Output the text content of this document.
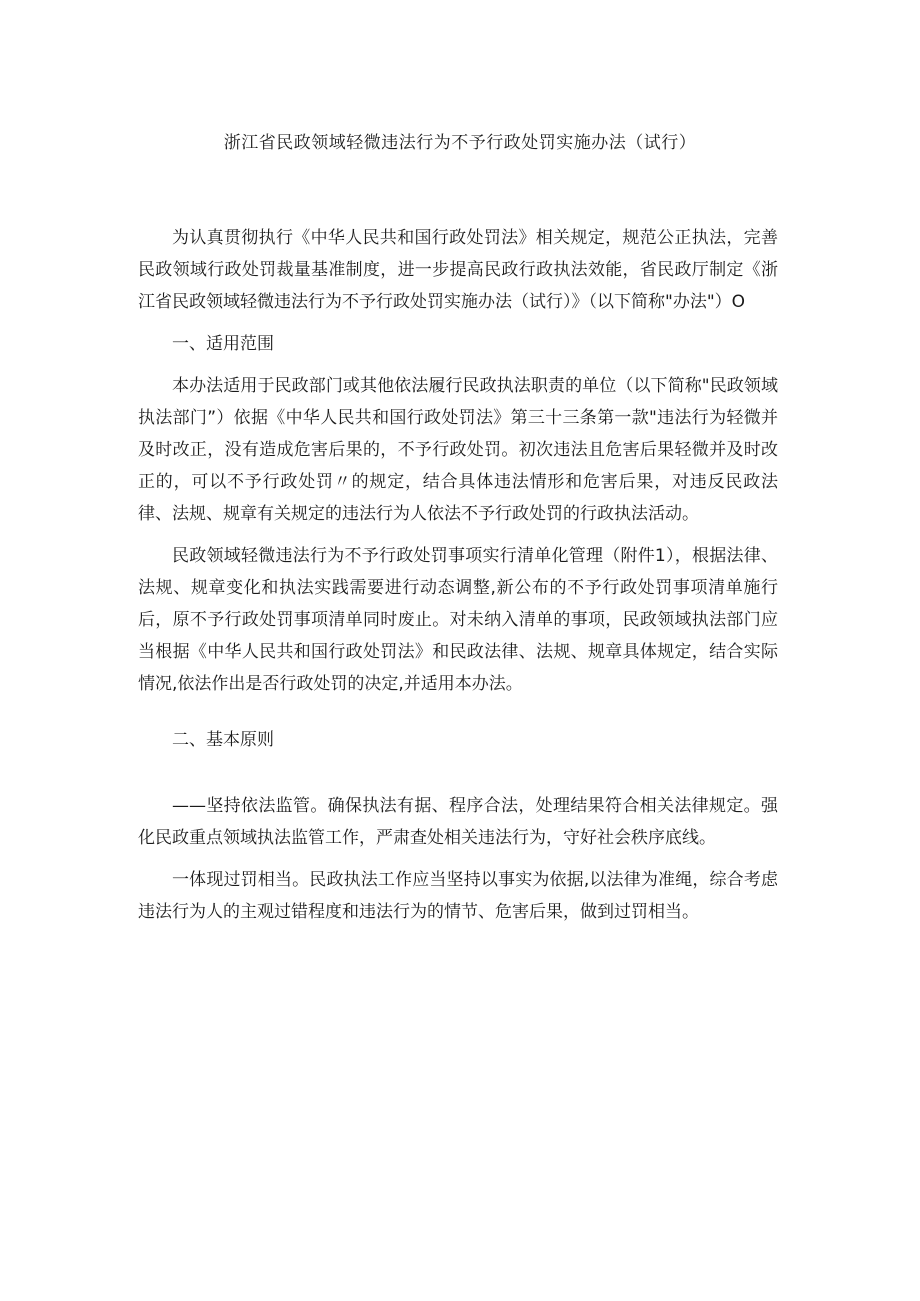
浙江省民政领域轻微违法行为不予行政处罚实施办法（试行）

为认真贯彻执行《中华人民共和国行政处罚法》相关规定，规范公正执法，完善民政领域行政处罚裁量基准制度，进一步提高民政行政执法效能，省民政厅制定《浙江省民政领域轻微违法行为不予行政处罚实施办法（试行）》（以下简称"办法"）O

一、适用范围

本办法适用于民政部门或其他依法履行民政执法职责的单位（以下简称"民政领域执法部门”）依据《中华人民共和国行政处罚法》第三十三条第一款"违法行为轻微并及时改正，没有造成危害后果的，不予行政处罚。初次违法且危害后果轻微并及时改正的，可以不予行政处罚〃的规定，结合具体违法情形和危害后果，对违反民政法律、法规、规章有关规定的违法行为人依法不予行政处罚的行政执法活动。

民政领域轻微违法行为不予行政处罚事项实行清单化管理（附件1），根据法律、法规、规章变化和执法实践需要进行动态调整,新公布的不予行政处罚事项清单施行后，原不予行政处罚事项清单同时废止。对未纳入清单的事项，民政领域执法部门应当根据《中华人民共和国行政处罚法》和民政法律、法规、规章具体规定，结合实际情况,依法作出是否行政处罚的决定,并适用本办法。

二、基本原则

——坚持依法监管。确保执法有据、程序合法，处理结果符合相关法律规定。强化民政重点领域执法监管工作，严肃查处相关违法行为，守好社会秩序底线。

一体现过罚相当。民政执法工作应当坚持以事实为依据,以法律为准绳，综合考虑违法行为人的主观过错程度和违法行为的情节、危害后果，做到过罚相当。
